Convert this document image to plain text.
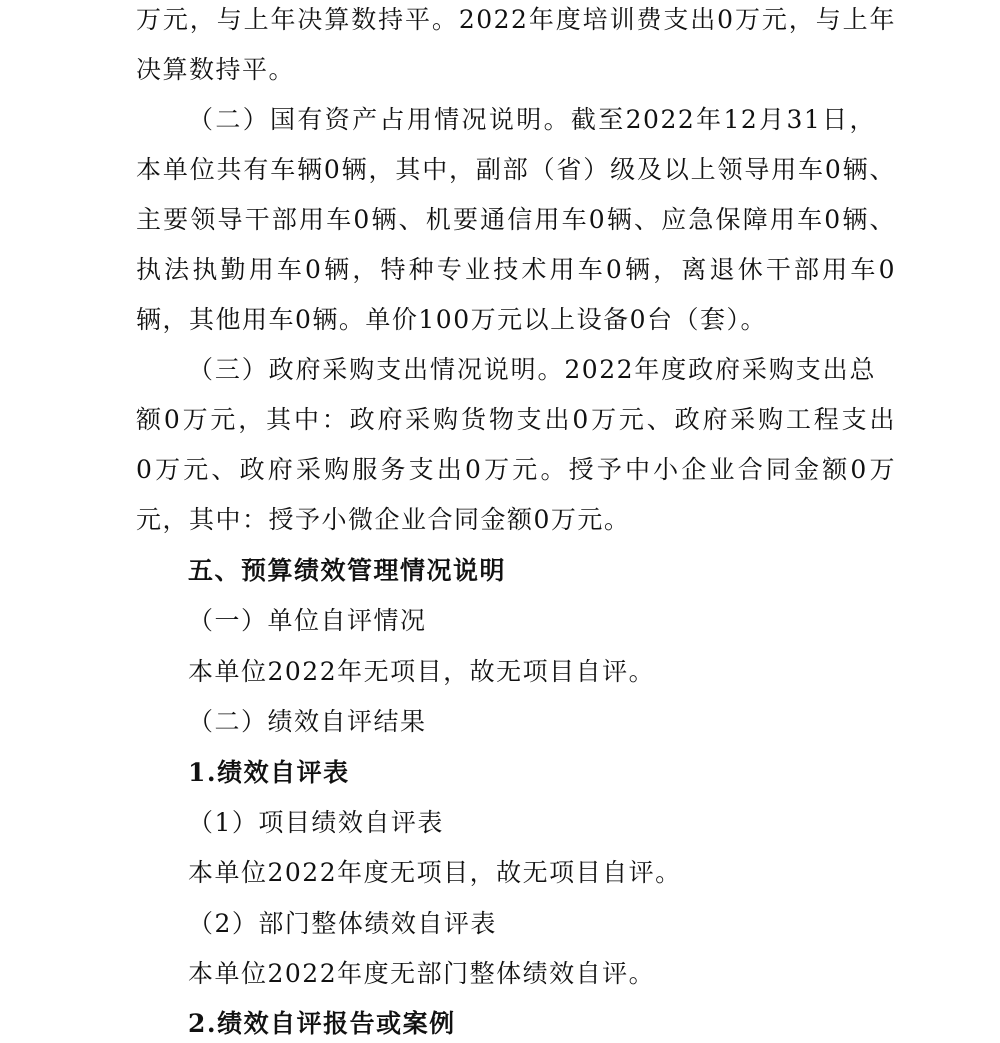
万元，与上年决算数持平。2022年度培训费支出0万元，与上年
决算数持平。
（二）国有资产占用情况说明。截至2022年12月31日，
本单位共有车辆0辆，其中，副部（省）级及以上领导用车0辆、
主要领导干部用车0辆、机要通信用车0辆、应急保障用车0辆、
执法执勤用车0辆，特种专业技术用车0辆，离退休干部用车0
辆，其他用车0辆。单价100万元以上设备0台（套）。
（三）政府采购支出情况说明。2022年度政府采购支出总
额0万元，其中：政府采购货物支出0万元、政府采购工程支出
0万元、政府采购服务支出0万元。授予中小企业合同金额0万
元，其中：授予小微企业合同金额0万元。
五、预算绩效管理情况说明
（一）单位自评情况
本单位2022年无项目，故无项目自评。
（二）绩效自评结果
1.绩效自评表
（1）项目绩效自评表
本单位2022年度无项目，故无项目自评。
（2）部门整体绩效自评表
本单位2022年度无部门整体绩效自评。
2.绩效自评报告或案例
